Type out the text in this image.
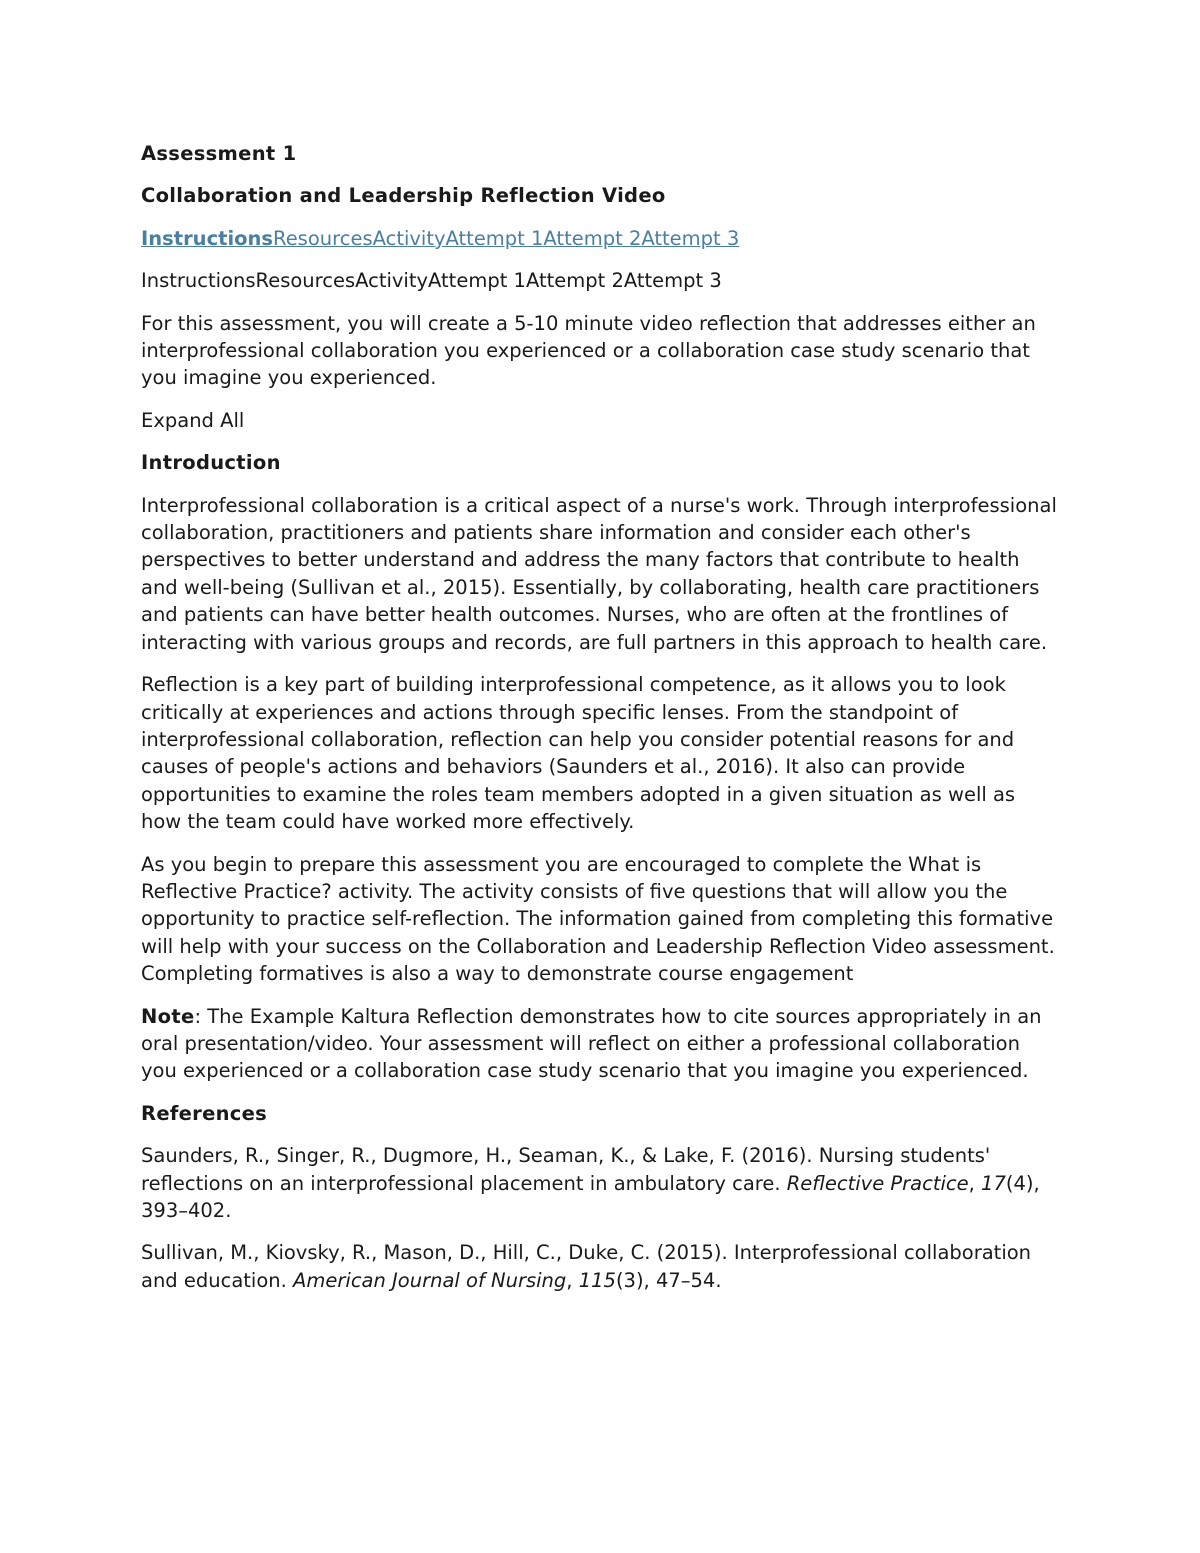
Assessment 1
Collaboration and Leadership Reflection Video
InstructionsResourcesActivityAttempt 1Attempt 2Attempt 3
InstructionsResourcesActivityAttempt 1Attempt 2Attempt 3

For this assessment, you will create a 5-10 minute video reflection that addresses either an interprofessional collaboration you experienced or a collaboration case study scenario that you imagine you experienced.

Expand All
Introduction

Interprofessional collaboration is a critical aspect of a nurse's work. Through interprofessional collaboration, practitioners and patients share information and consider each other's perspectives to better understand and address the many factors that contribute to health and well-being (Sullivan et al., 2015). Essentially, by collaborating, health care practitioners and patients can have better health outcomes. Nurses, who are often at the frontlines of interacting with various groups and records, are full partners in this approach to health care.

Reflection is a key part of building interprofessional competence, as it allows you to look critically at experiences and actions through specific lenses. From the standpoint of interprofessional collaboration, reflection can help you consider potential reasons for and causes of people's actions and behaviors (Saunders et al., 2016). It also can provide opportunities to examine the roles team members adopted in a given situation as well as how the team could have worked more effectively.

As you begin to prepare this assessment you are encouraged to complete the What is Reflective Practice? activity. The activity consists of five questions that will allow you the opportunity to practice self-reflection. The information gained from completing this formative will help with your success on the Collaboration and Leadership Reflection Video assessment. Completing formatives is also a way to demonstrate course engagement

Note: The Example Kaltura Reflection demonstrates how to cite sources appropriately in an oral presentation/video. Your assessment will reflect on either a professional collaboration you experienced or a collaboration case study scenario that you imagine you experienced.

References

Saunders, R., Singer, R., Dugmore, H., Seaman, K., & Lake, F. (2016). Nursing students' reflections on an interprofessional placement in ambulatory care. Reflective Practice, 17(4), 393–402.

Sullivan, M., Kiovsky, R., Mason, D., Hill, C., Duke, C. (2015). Interprofessional collaboration and education. American Journal of Nursing, 115(3), 47–54.
